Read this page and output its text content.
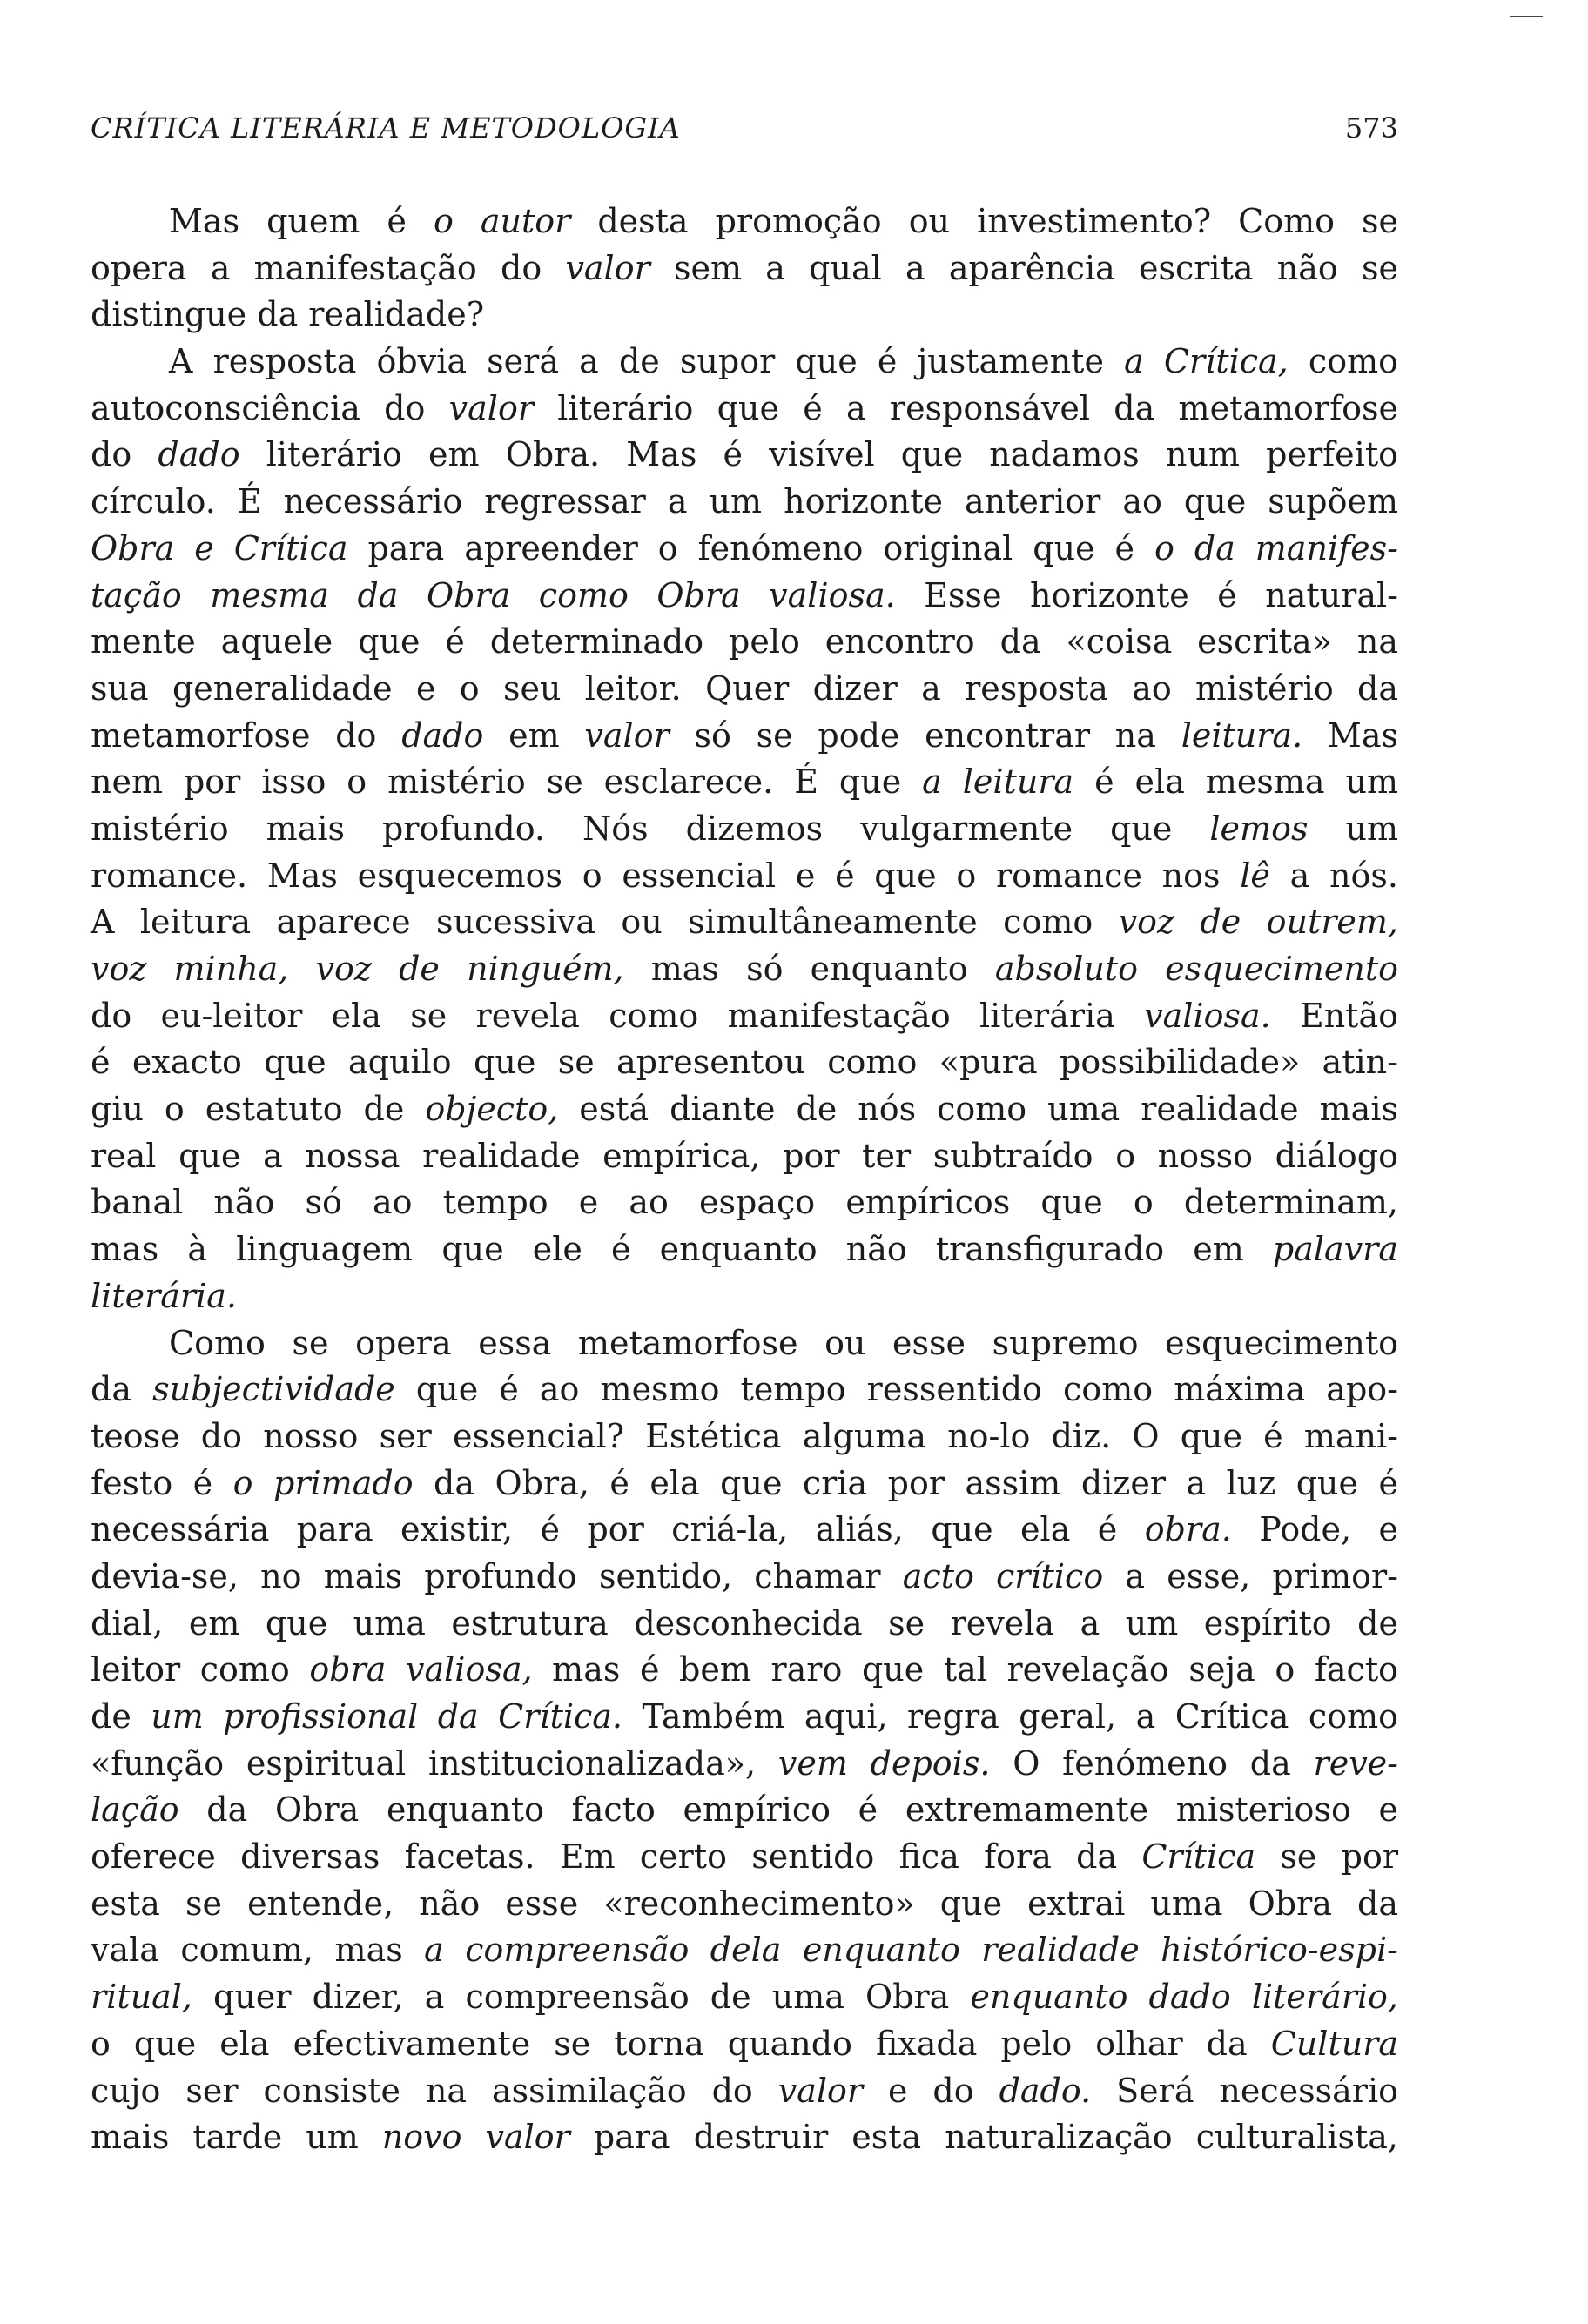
CRÍTICA LITERÁRIA E METODOLOGIA	573
Mas quem é o autor desta promoção ou investimento? Como se
opera a manifestação do valor sem a qual a aparência escrita não se
distingue da realidade?
A resposta óbvia será a de supor que é justamente a Crítica, como
autoconsciência do valor literário que é a responsável da metamorfose
do dado literário em Obra. Mas é visível que nadamos num perfeito
círculo. É necessário regressar a um horizonte anterior ao que supõem
Obra e Crítica para apreender o fenómeno original que é o da manifes-
tação mesma da Obra como Obra valiosa. Esse horizonte é natural-
mente aquele que é determinado pelo encontro da «coisa escrita» na
sua generalidade e o seu leitor. Quer dizer a resposta ao mistério da
metamorfose do dado em valor só se pode encontrar na leitura. Mas
nem por isso o mistério se esclarece. É que a leitura é ela mesma um
mistério mais profundo. Nós dizemos vulgarmente que lemos um
romance. Mas esquecemos o essencial e é que o romance nos lê a nós.
A leitura aparece sucessiva ou simultâneamente como voz de outrem,
voz minha, voz de ninguém, mas só enquanto absoluto esquecimento
do eu-leitor ela se revela como manifestação literária valiosa. Então
é exacto que aquilo que se apresentou como «pura possibilidade» atin-
giu o estatuto de objecto, está diante de nós como uma realidade mais
real que a nossa realidade empírica, por ter subtraído o nosso diálogo
banal não só ao tempo e ao espaço empíricos que o determinam,
mas à linguagem que ele é enquanto não transfigurado em palavra
literária.
Como se opera essa metamorfose ou esse supremo esquecimento
da subjectividade que é ao mesmo tempo ressentido como máxima apo-
teose do nosso ser essencial? Estética alguma no-lo diz. O que é mani-
festo é o primado da Obra, é ela que cria por assim dizer a luz que é
necessária para existir, é por criá-la, aliás, que ela é obra. Pode, e
devia-se, no mais profundo sentido, chamar acto crítico a esse, primor-
dial, em que uma estrutura desconhecida se revela a um espírito de
leitor como obra valiosa, mas é bem raro que tal revelação seja o facto
de um profissional da Crítica. Também aqui, regra geral, a Crítica como
«função espiritual institucionalizada», vem depois. O fenómeno da reve-
lação da Obra enquanto facto empírico é extremamente misterioso e
oferece diversas facetas. Em certo sentido fica fora da Crítica se por
esta se entende, não esse «reconhecimento» que extrai uma Obra da
vala comum, mas a compreensão dela enquanto realidade histórico-espi-
ritual, quer dizer, a compreensão de uma Obra enquanto dado literário,
o que ela efectivamente se torna quando fixada pelo olhar da Cultura
cujo ser consiste na assimilação do valor e do dado. Será necessário
mais tarde um novo valor para destruir esta naturalização culturalista,
